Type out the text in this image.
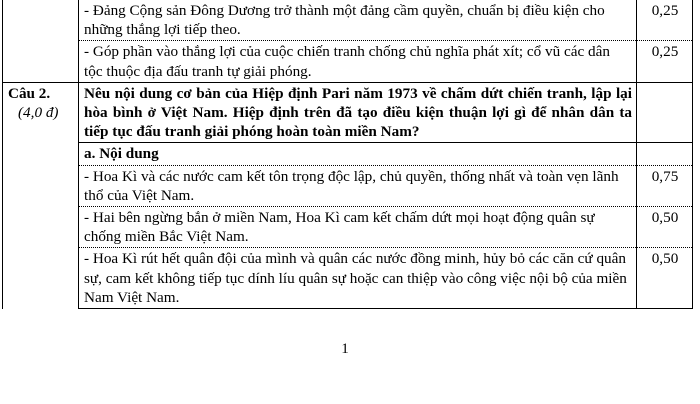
	- Đảng Cộng sản Đông Dương trở thành một đảng cầm quyền, chuẩn bị điều kiện cho những thắng lợi tiếp theo.	0,25
	- Góp phần vào thắng lợi của cuộc chiến tranh chống chủ nghĩa phát xít; cổ vũ các dân tộc thuộc địa đấu tranh tự giải phóng.	0,25

Câu 2.
(4,0 đ)	Nêu nội dung cơ bản của Hiệp định Pari năm 1973 về chấm dứt chiến tranh, lập lại hòa bình ở Việt Nam. Hiệp định trên đã tạo điều kiện thuận lợi gì để nhân dân ta tiếp tục đấu tranh giải phóng hoàn toàn miền Nam?	
	a. Nội dung	
	- Hoa Kì và các nước cam kết tôn trọng độc lập, chủ quyền, thống nhất và toàn vẹn lãnh thổ của Việt Nam.	0,75
	- Hai bên ngừng bắn ở miền Nam, Hoa Kì cam kết chấm dứt mọi hoạt động quân sự chống miền Bắc Việt Nam.	0,50
	- Hoa Kì rút hết quân đội của mình và quân các nước đồng minh, hủy bỏ các căn cứ quân sự, cam kết không tiếp tục dính líu quân sự hoặc can thiệp vào công việc nội bộ của miền Nam Việt Nam.	0,50
1
